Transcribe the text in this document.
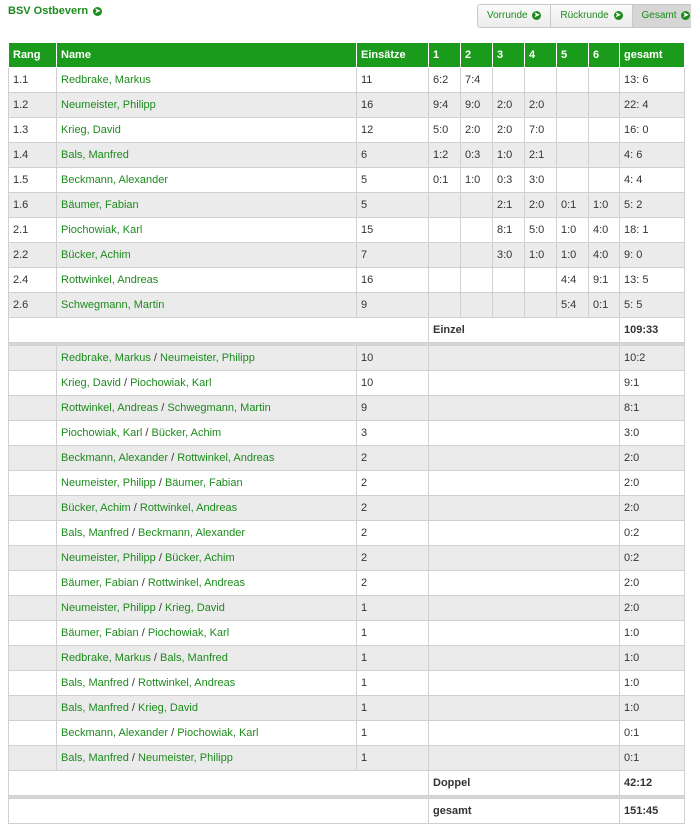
BSV Ostbevern ➤	Vorrunde ➤	Rückrunde ➤	Gesamt ➤
Rang	Name	Einsätze	1	2	3	4	5	6	gesamt
1.1	Redbrake, Markus	11	6:2	7:4					13: 6
1.2	Neumeister, Philipp	16	9:4	9:0	2:0	2:0			22: 4
1.3	Krieg, David	12	5:0	2:0	2:0	7:0			16: 0
1.4	Bals, Manfred	6	1:2	0:3	1:0	2:1			4: 6
1.5	Beckmann, Alexander	5	0:1	1:0	0:3	3:0			4: 4
1.6	Bäumer, Fabian	5			2:1	2:0	0:1	1:0	5: 2
2.1	Piochowiak, Karl	15			8:1	5:0	1:0	4:0	18: 1
2.2	Bücker, Achim	7			3:0	1:0	1:0	4:0	9: 0
2.4	Rottwinkel, Andreas	16					4:4	9:1	13: 5
2.6	Schwegmann, Martin	9					5:4	0:1	5: 5
			Einzel						109:33

	Redbrake, Markus / Neumeister, Philipp	10							10:2
	Krieg, David / Piochowiak, Karl	10							9:1
	Rottwinkel, Andreas / Schwegmann, Martin	9							8:1
	Piochowiak, Karl / Bücker, Achim	3							3:0
	Beckmann, Alexander / Rottwinkel, Andreas	2							2:0
	Neumeister, Philipp / Bäumer, Fabian	2							2:0
	Bücker, Achim / Rottwinkel, Andreas	2							2:0
	Bals, Manfred / Beckmann, Alexander	2							0:2
	Neumeister, Philipp / Bücker, Achim	2							0:2
	Bäumer, Fabian / Rottwinkel, Andreas	2							2:0
	Neumeister, Philipp / Krieg, David	1							2:0
	Bäumer, Fabian / Piochowiak, Karl	1							1:0
	Redbrake, Markus / Bals, Manfred	1							1:0
	Bals, Manfred / Rottwinkel, Andreas	1							1:0
	Bals, Manfred / Krieg, David	1							1:0
	Beckmann, Alexander / Piochowiak, Karl	1							0:1
	Bals, Manfred / Neumeister, Philipp	1							0:1
			Doppel						42:12

			gesamt						151:45
